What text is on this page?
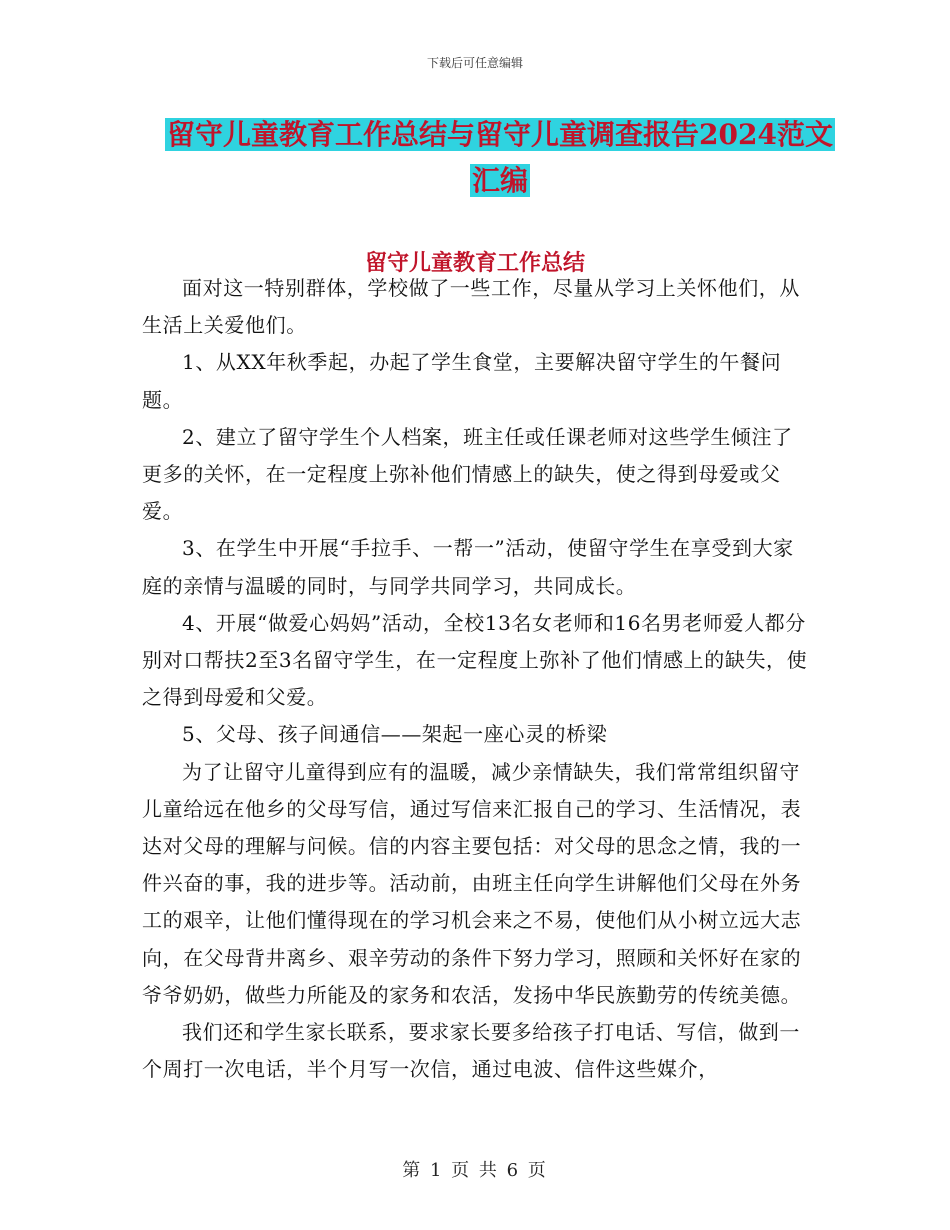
下载后可任意编辑
留守儿童教育工作总结与留守儿童调查报告2024范文
汇编
留守儿童教育工作总结

面对这一特别群体，学校做了一些工作，尽量从学习上关怀他们，从生活上关爱他们。

1、从XX年秋季起，办起了学生食堂，主要解决留守学生的午餐问题。

2、建立了留守学生个人档案，班主任或任课老师对这些学生倾注了更多的关怀，在一定程度上弥补他们情感上的缺失，使之得到母爱或父爱。

3、在学生中开展“手拉手、一帮一”活动，使留守学生在享受到大家庭的亲情与温暖的同时，与同学共同学习，共同成长。

4、开展“做爱心妈妈”活动，全校13名女老师和16名男老师爱人都分别对口帮扶2至3名留守学生，在一定程度上弥补了他们情感上的缺失，使之得到母爱和父爱。

5、父母、孩子间通信——架起一座心灵的桥梁

为了让留守儿童得到应有的温暖，减少亲情缺失，我们常常组织留守儿童给远在他乡的父母写信，通过写信来汇报自己的学习、生活情况，表达对父母的理解与问候。信的内容主要包括：对父母的思念之情，我的一件兴奋的事，我的进步等。活动前，由班主任向学生讲解他们父母在外务工的艰辛，让他们懂得现在的学习机会来之不易，使他们从小树立远大志向，在父母背井离乡、艰辛劳动的条件下努力学习，照顾和关怀好在家的爷爷奶奶，做些力所能及的家务和农活，发扬中华民族勤劳的传统美德。

我们还和学生家长联系，要求家长要多给孩子打电话、写信，做到一个周打一次电话，半个月写一次信，通过电波、信件这些媒介，

第 1 页 共 6 页
